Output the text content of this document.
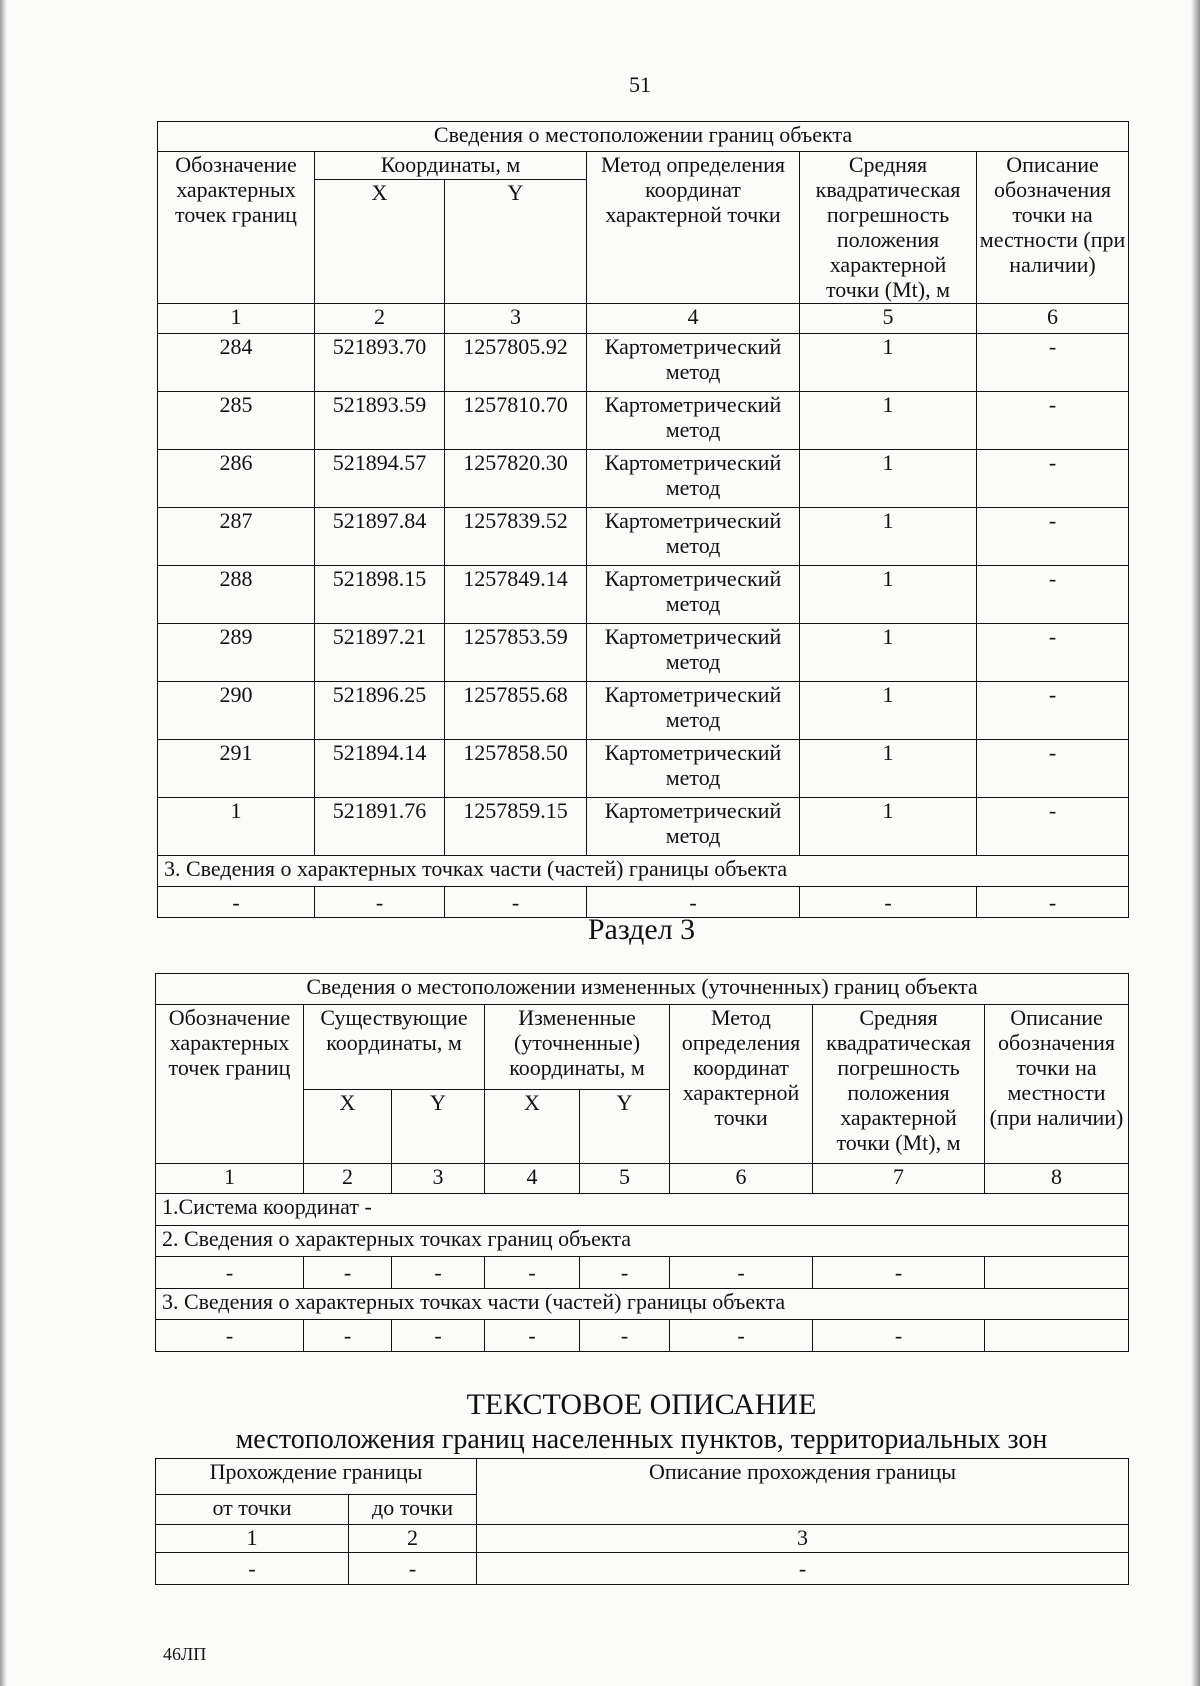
51
Сведения о местоположении границ объекта					
Обозначение характерных точек границ	Координаты, м		Метод определения координат характерной точки	Средняя квадратическая погрешность положения характерной точки (Mt), м	Описание обозначения точки на местности (при наличии)
	X	Y			
1	2	3	4	5	6
284	521893.70	1257805.92	Картометрический метод	1	-
285	521893.59	1257810.70	Картометрический метод	1	-
286	521894.57	1257820.30	Картометрический метод	1	-
287	521897.84	1257839.52	Картометрический метод	1	-
288	521898.15	1257849.14	Картометрический метод	1	-
289	521897.21	1257853.59	Картометрический метод	1	-
290	521896.25	1257855.68	Картометрический метод	1	-
291	521894.14	1257858.50	Картометрический метод	1	-
1	521891.76	1257859.15	Картометрический метод	1	-
3. Сведения о характерных точках части (частей) границы объекта					
-	-	-	-	-	-
Раздел 3
Сведения о местоположении измененных (уточненных) границ объекта							
Обозначение характерных точек границ	Существующие координаты, м		Измененные (уточненные) координаты, м		Метод определения координат характерной точки	Средняя квадратическая погрешность положения характерной точки (Mt), м	Описание обозначения точки на местности (при наличии)
	X	Y	X	Y			
1	2	3	4	5	6	7	8
1.Система координат -							
2. Сведения о характерных точках границ объекта							
-	-	-	-	-	-	-	
3. Сведения о характерных точках части (частей) границы объекта							
-	-	-	-	-	-	-	
ТЕКСТОВОЕ ОПИСАНИЕ
местоположения границ населенных пунктов, территориальных зон
Прохождение границы		Описание прохождения границы
от точки	до точки	
1	2	3
-	-	-
46ЛП
